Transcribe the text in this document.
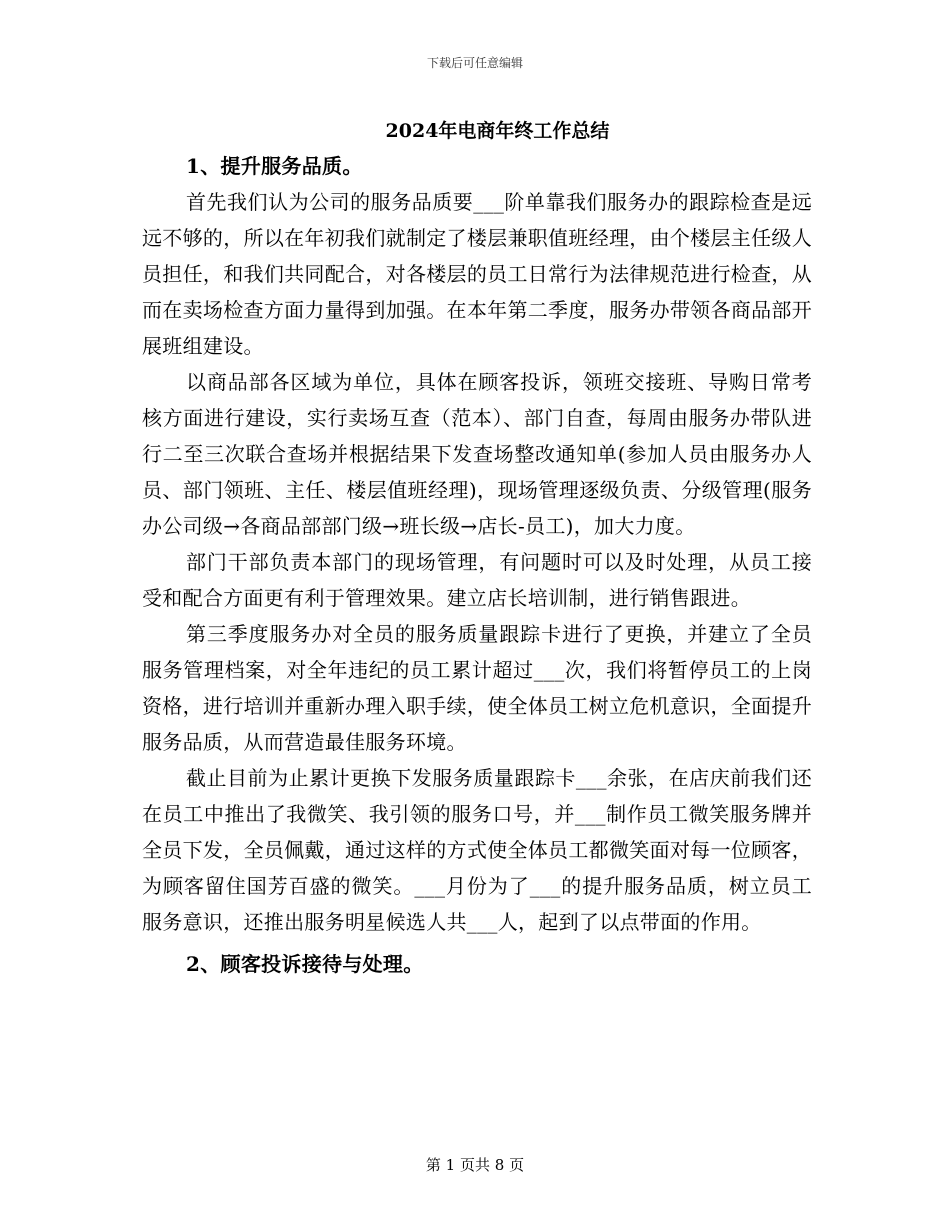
下载后可任意编辑
2024年电商年终工作总结
1、提升服务品质。

首先我们认为公司的服务品质要___阶单靠我们服务办的跟踪检查是远远不够的，所以在年初我们就制定了楼层兼职值班经理，由个楼层主任级人员担任，和我们共同配合，对各楼层的员工日常行为法律规范进行检查，从而在卖场检查方面力量得到加强。在本年第二季度，服务办带领各商品部开展班组建设。

以商品部各区域为单位，具体在顾客投诉，领班交接班、导购日常考核方面进行建设，实行卖场互查（范本）、部门自查，每周由服务办带队进行二至三次联合查场并根据结果下发查场整改通知单(参加人员由服务办人员、部门领班、主任、楼层值班经理)，现场管理逐级负责、分级管理(服务办公司级→各商品部部门级→班长级→店长-员工)，加大力度。

部门干部负责本部门的现场管理，有问题时可以及时处理，从员工接受和配合方面更有利于管理效果。建立店长培训制，进行销售跟进。

第三季度服务办对全员的服务质量跟踪卡进行了更换，并建立了全员服务管理档案，对全年违纪的员工累计超过___次，我们将暂停员工的上岗资格，进行培训并重新办理入职手续，使全体员工树立危机意识，全面提升服务品质，从而营造最佳服务环境。

截止目前为止累计更换下发服务质量跟踪卡___余张，在店庆前我们还在员工中推出了我微笑、我引领的服务口号，并___制作员工微笑服务牌并全员下发，全员佩戴，通过这样的方式使全体员工都微笑面对每一位顾客，为顾客留住国芳百盛的微笑。___月份为了___的提升服务品质，树立员工服务意识，还推出服务明星候选人共___人，起到了以点带面的作用。

2、顾客投诉接待与处理。
第 1 页共 8 页
